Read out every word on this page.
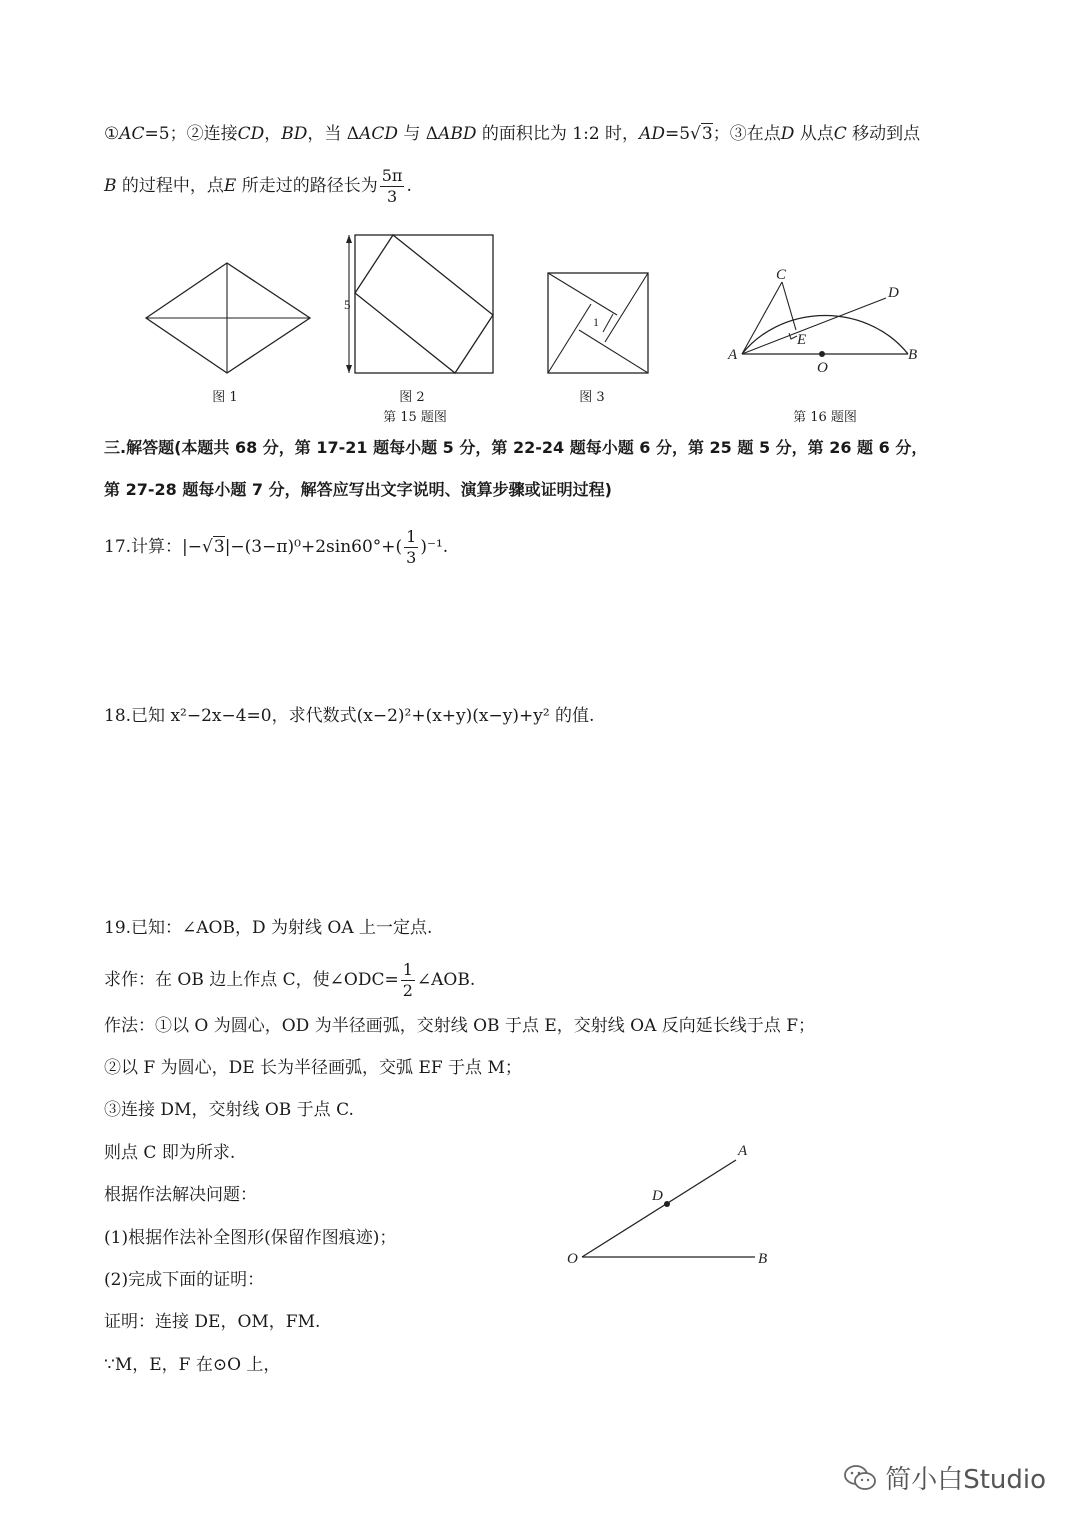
①AC=5；②连接CD，BD，当 ΔACD 与 ΔABD 的面积比为 1:2 时，AD=5√3；③在点D 从点C 移动到点
B 的过程中，点E 所走过的路径长为 $\frac{5\pi}{3}$ .
5
1
C
D
E
A
O
B
图 1	图 2	图 3
第 15 题图	第 16 题图
三.解答题(本题共 68 分，第 17-21 题每小题 5 分，第 22-24 题每小题 6 分，第 25 题 5 分，第 26 题 6 分，
第 27-28 题每小题 7 分，解答应写出文字说明、演算步骤或证明过程)
17.计算：$|-√3|-(3-\pi)^0+2\sin 60^\circ+( \frac{1}{3} )^{-1}$.
18.已知 x²−2x−4=0，求代数式(x−2)²+(x+y)(x−y)+y² 的值.
19.已知：∠AOB，D 为射线 OA 上一定点.
求作：在 OB 边上作点 C，使∠ODC= $\frac{1}{2}$ ∠AOB.
作法：①以 O 为圆心，OD 为半径画弧，交射线 OB 于点 E，交射线 OA 反向延长线于点 F；
②以 F 为圆心，DE 长为半径画弧，交弧 EF 于点 M；
③连接 DM，交射线 OB 于点 C.
则点 C 即为所求.
根据作法解决问题：
(1)根据作法补全图形(保留作图痕迹)；
(2)完成下面的证明：
证明：连接 DE，OM，FM.
∵M，E，F 在⊙O 上，
A
D
O	B
简小白Studio
